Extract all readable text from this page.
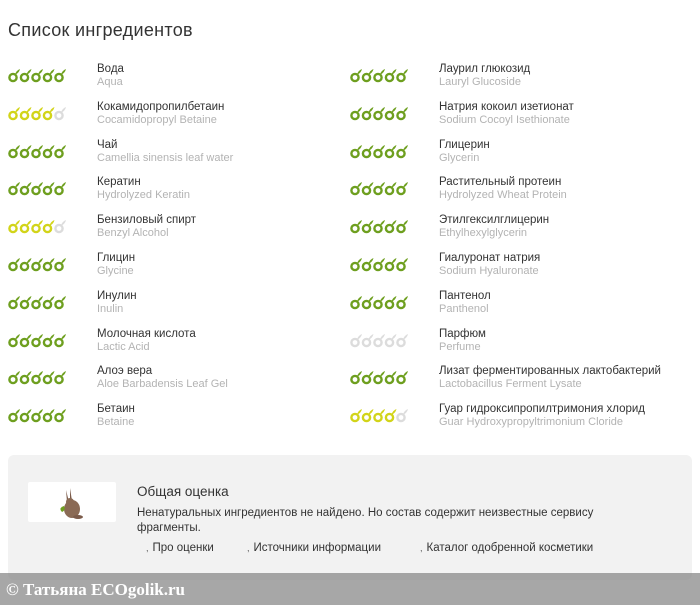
Список ингредиентов
Вода
Aqua
Кокамидопропилбетаин
Cocamidopropyl Betaine
Чай
Camellia sinensis leaf water
Кератин
Hydrolyzed Keratin
Бензиловый спирт
Benzyl Alcohol
Глицин
Glycine
Инулин
Inulin
Молочная кислота
Lactic Acid
Алоэ вера
Aloe Barbadensis Leaf Gel
Бетаин
Betaine
Лаурил глюкозид
Lauryl Glucoside
Натрия кокоил изетионат
Sodium Cocoyl Isethionate
Глицерин
Glycerin
Растительный протеин
Hydrolyzed Wheat Protein
Этилгексилглицерин
Ethylhexylglycerin
Гиалуронат натрия
Sodium Hyaluronate
Пантенол
Panthenol
Парфюм
Perfume
Лизат ферментированных лактобактерий
Lactobacillus Ferment Lysate
Гуар гидроксипропилтримония хлорид
Guar Hydroxypropyltrimonium Cloride
Общая оценка
Ненатуральных ингредиентов не найдено. Но состав содержит неизвестные сервису фрагменты.
, Про оценки	, Источники информации	, Каталог одобренной косметики
© Татьяна ECOgolik.ru
